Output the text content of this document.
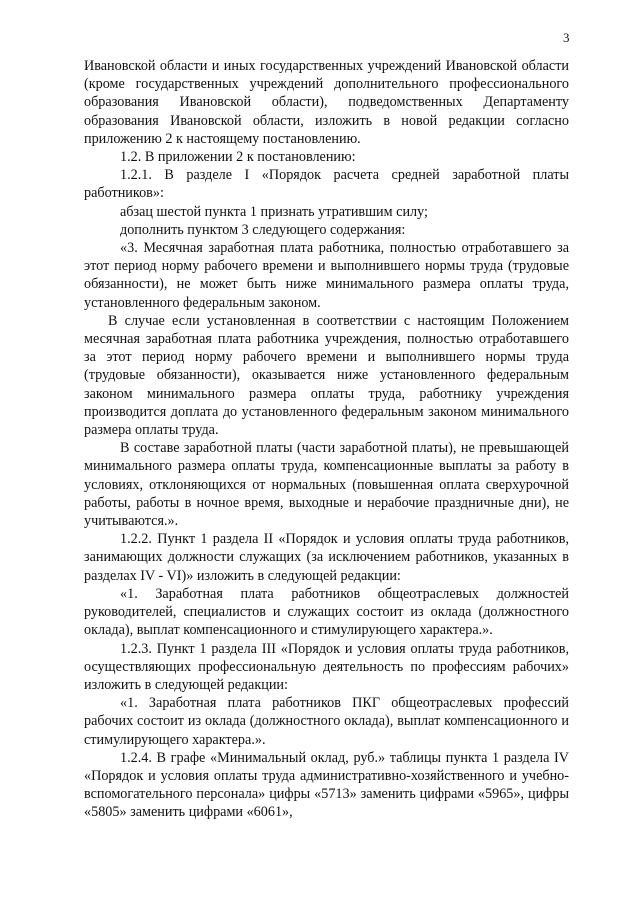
3

Ивановской области и иных государственных учреждений Ивановской области (кроме государственных учреждений дополнительного профессионального образования Ивановской области), подведомственных Департаменту образования Ивановской области, изложить в новой редакции согласно приложению 2 к настоящему постановлению.

1.2. В приложении 2 к постановлению:

1.2.1. В разделе I «Порядок расчета средней заработной платы работников»:

абзац шестой пункта 1 признать утратившим силу;

дополнить пунктом 3 следующего содержания:

«3. Месячная заработная плата работника, полностью отработавшего за этот период норму рабочего времени и выполнившего нормы труда (трудовые обязанности), не может быть ниже минимального размера оплаты труда, установленного федеральным законом.

В случае если установленная в соответствии с настоящим Положением месячная заработная плата работника учреждения, полностью отработавшего за этот период норму рабочего времени и выполнившего нормы труда (трудовые обязанности), оказывается ниже установленного федеральным законом минимального размера оплаты труда, работнику учреждения производится доплата до установленного федеральным законом минимального размера оплаты труда.

В составе заработной платы (части заработной платы), не превышающей минимального размера оплаты труда, компенсационные выплаты за работу в условиях, отклоняющихся от нормальных (повышенная оплата сверхурочной работы, работы в ночное время, выходные и нерабочие праздничные дни), не учитываются.».

1.2.2. Пункт 1 раздела II «Порядок и условия оплаты труда работников, занимающих должности служащих (за исключением работников, указанных в разделах IV - VI)» изложить в следующей редакции:

«1. Заработная плата работников общеотраслевых должностей руководителей, специалистов и служащих состоит из оклада (должностного оклада), выплат компенсационного и стимулирующего характера.».

1.2.3. Пункт 1 раздела III «Порядок и условия оплаты труда работников, осуществляющих профессиональную деятельность по профессиям рабочих» изложить в следующей редакции:

«1. Заработная плата работников ПКГ общеотраслевых профессий рабочих состоит из оклада (должностного оклада), выплат компенсационного и стимулирующего характера.».

1.2.4. В графе «Минимальный оклад, руб.» таблицы пункта 1 раздела IV «Порядок и условия оплаты труда административно-хозяйственного и учебно-вспомогательного персонала» цифры «5713» заменить цифрами «5965», цифры «5805» заменить цифрами «6061»,
